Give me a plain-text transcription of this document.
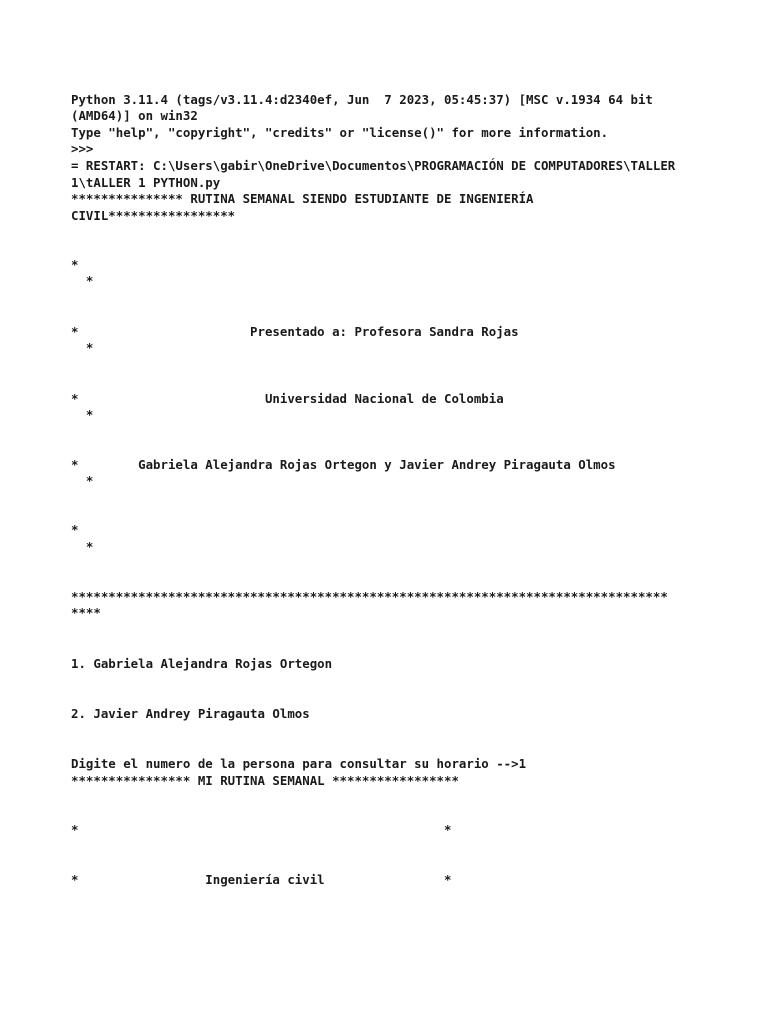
Python 3.11.4 (tags/v3.11.4:d2340ef, Jun  7 2023, 05:45:37) [MSC v.1934 64 bit
(AMD64)] on win32
Type "help", "copyright", "credits" or "license()" for more information.
>>>
= RESTART: C:\Users\gabir\OneDrive\Documentos\PROGRAMACIÓN DE COMPUTADORES\TALLER
1\tALLER 1 PYTHON.py
*************** RUTINA SEMANAL SIENDO ESTUDIANTE DE INGENIERÍA
CIVIL*****************
*
*
*                       Presentado a: Profesora Sandra Rojas
*
*                         Universidad Nacional de Colombia
*
*        Gabriela Alejandra Rojas Ortegon y Javier Andrey Piragauta Olmos
*
*
*
********************************************************************************
****
1. Gabriela Alejandra Rojas Ortegon
2. Javier Andrey Piragauta Olmos
Digite el numero de la persona para consultar su horario -->1
**************** MI RUTINA SEMANAL *****************
*                                                 *
*                 Ingeniería civil                *
